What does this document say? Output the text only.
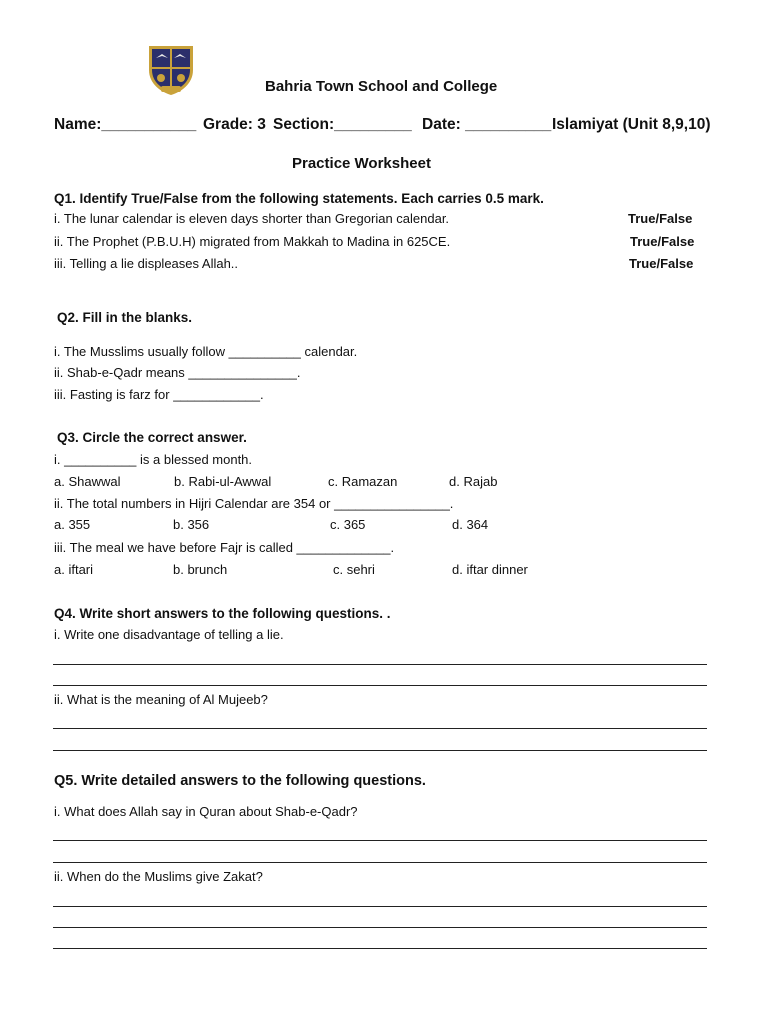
Bahria Town School and College
Name:___________ Grade: 3 Section:_________ Date: __________ Islamiyat (Unit 8,9,10)
Practice Worksheet
Q1. Identify True/False from the following statements. Each carries 0.5 mark.
i. The lunar calendar is eleven days shorter than Gregorian calendar.	True/False
ii. The Prophet (P.B.U.H) migrated from Makkah to Madina in 625CE.	True/False
iii. Telling a lie displeases Allah..	True/False
Q2. Fill in the blanks.
i. The Musslims usually follow __________ calendar.
ii. Shab-e-Qadr means _______________.
iii. Fasting is farz for ____________.
Q3. Circle the correct answer.
i. __________ is a blessed month.
a. Shawwal	b. Rabi-ul-Awwal	c. Ramazan	d. Rajab
ii. The total numbers in Hijri Calendar are 354 or ________________.
a. 355	b. 356	c. 365	d. 364
iii. The meal we have before Fajr is called _____________.
a. iftari	b. brunch	c. sehri	d. iftar dinner
Q4. Write short answers to the following questions. .
i. Write one disadvantage of telling a lie.
ii. What is the meaning of Al Mujeeb?
Q5. Write detailed answers to the following questions.
i. What does Allah say in Quran about Shab-e-Qadr?
ii. When do the Muslims give Zakat?
